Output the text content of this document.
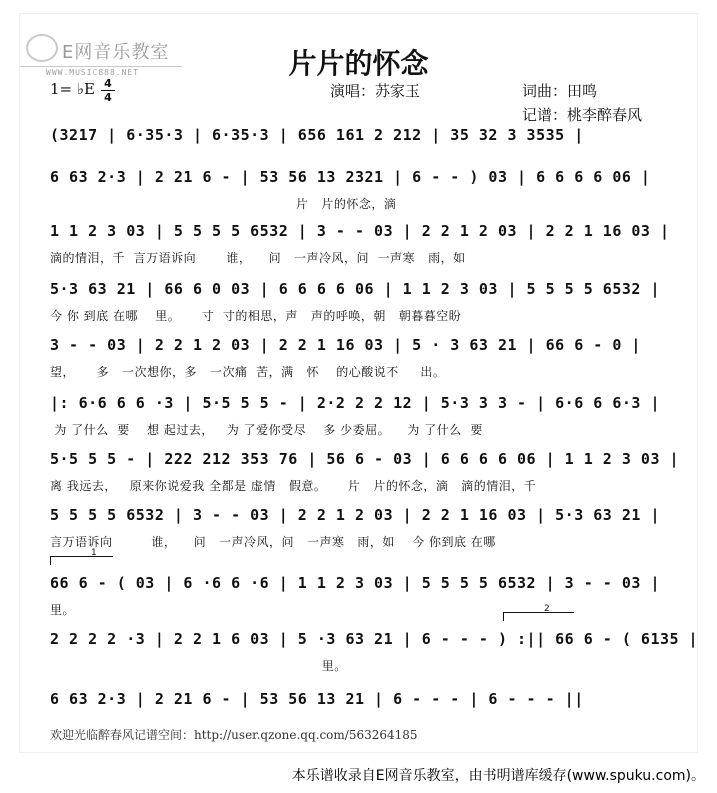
E网音乐教室
WWW.MUSIC888.NET	片片的怀念
1= ♭E 4
4	演唱：苏家玉	词曲：田鸣
记谱：桃李醉春风
(3217 | 6·35·3 | 6·35·3 | 656 161 2 212 | 35 32 3 3535 |
6 63 2·3 | 2 21 6 - | 53 56 13 2321 | 6 - - ) 03 | 6 6 6 6 06 |
片   片的怀念，滴
1 1 2 3 03 | 5 5 5 5 6532 | 3 - - 03 | 2 2 1 2 03 | 2 2 1 16 03 |
滴的情泪，千  言万语诉向       谁，    问   一声冷风，问  一声寒   雨，如
5·3 63 21 | 66 6 0 03 | 6 6 6 6 06 | 1 1 2 3 03 | 5 5 5 5 6532 |
今 你 到底 在哪    里。     寸  寸的相思，声   声的呼唤，朝   朝暮暮空盼
3 - - 03 | 2 2 1 2 03 | 2 2 1 16 03 | 5 · 3 63 21 | 66 6 - 0 |
望，     多   一次想你，多   一次痛  苦，满   怀    的心酸说不     出。
|: 6·6 6 6 ·3 | 5·5 5 5 - | 2·2 2 2 12 | 5·3 3 3 - | 6·6 6 6·3 |
为 了什么  要    想 起过去，   为 了爱你受尽    多 少委屈。    为 了什么  要
5·5 5 5 - | 222 212 353 76 | 56 6 - 03 | 6 6 6 6 06 | 1 1 2 3 03 |
离 我远去，   原来你说爱我 全都是 虚情   假意。     片   片的怀念，滴   滴的情泪，千
5 5 5 5 6532 | 3 - - 03 | 2 2 1 2 03 | 2 2 1 16 03 | 5·3 63 21 |
言万语诉向         谁，    问   一声冷风，问   一声寒   雨，如    今 你到底 在哪
1
66 6 - ( 03 | 6 ·6 6 ·6 | 1 1 2 3 03 | 5 5 5 5 6532 | 3 - - 03 |
里。	2
2 2 2 2 ·3 | 2 2 1 6 03 | 5 ·3 63 21 | 6 - - - ) :|| 66 6 - ( 6135 |
里。
6 63 2·3 | 2 21 6 - | 53 56 13 21 | 6 - - - | 6 - - - ||
欢迎光临醉春风记谱空间：http://user.qzone.qq.com/563264185
本乐谱收录自E网音乐教室，由书明谱库缓存(www.spuku.com)。
